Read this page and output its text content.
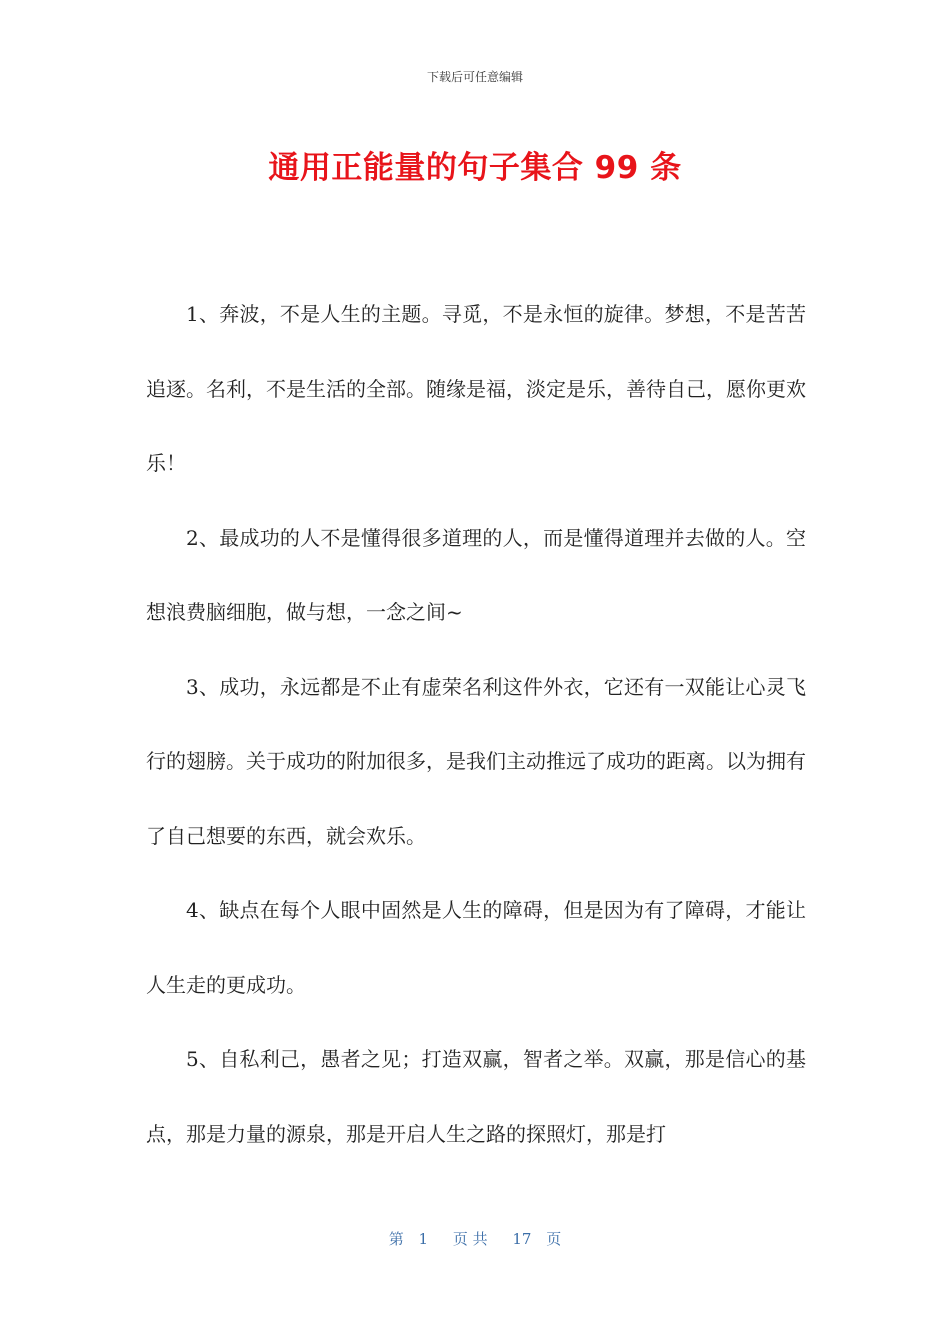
下载后可任意编辑
通用正能量的句子集合 99 条

1、奔波，不是人生的主题。寻觅，不是永恒的旋律。梦想，不是苦苦追逐。名利，不是生活的全部。随缘是福，淡定是乐，善待自己，愿你更欢乐！

2、最成功的人不是懂得很多道理的人，而是懂得道理并去做的人。空想浪费脑细胞，做与想，一念之间~

3、成功，永远都是不止有虚荣名利这件外衣，它还有一双能让心灵飞行的翅膀。关于成功的附加很多，是我们主动推远了成功的距离。以为拥有了自己想要的东西，就会欢乐。

4、缺点在每个人眼中固然是人生的障碍，但是因为有了障碍，才能让人生走的更成功。

5、自私利己，愚者之见；打造双赢，智者之举。双赢，那是信心的基点，那是力量的源泉，那是开启人生之路的探照灯，那是打

第 1 页 共 17 页
